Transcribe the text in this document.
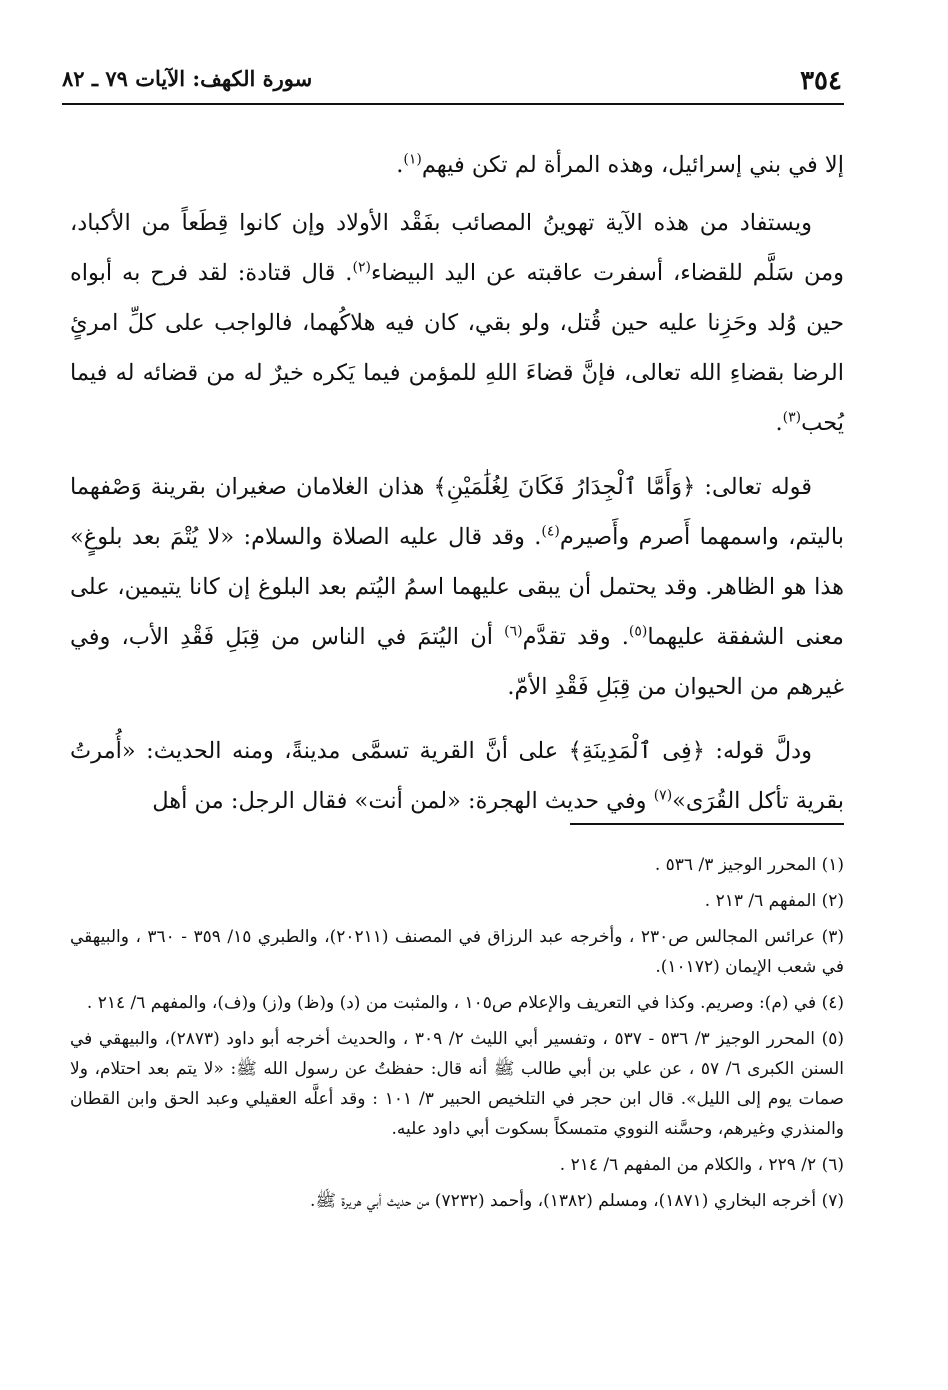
٣٥٤
سورة الكهف: الآيات ٧٩ ـ ٨٢

إلا في بني إسرائيل، وهذه المرأة لم تكن فيهم$^{(١)}$.

ويستفاد من هذه الآية تهوينُ المصائب بفَقْد الأولاد وإن كانوا قِطَعاً من الأكباد، ومن سَلَّم للقضاء، أسفرت عاقبته عن اليد البيضاء$^{(٢)}$. قال قتادة: لقد فرح به أبواه حين وُلد وحَزِنا عليه حين قُتل، ولو بقي، كان فيه هلاكُهما، فالواجب على كلِّ امرئٍ الرضا بقضاءِ الله تعالى، فإنَّ قضاءَ اللهِ للمؤمن فيما يَكره خيرٌ له من قضائه له فيما يُحب$^{(٣)}$.

قوله تعالى: ﴿وَأَمَّا ٱلْجِدَارُ فَكَانَ لِغُلَٰمَيْنِ﴾ هذان الغلامان صغيران بقرينة وَصْفهما باليتم، واسمهما أَصرم وأَصيرم$^{(٤)}$. وقد قال عليه الصلاة والسلام: «لا يُتْمَ بعد بلوغٍ» هذا هو الظاهر. وقد يحتمل أن يبقى عليهما اسمُ اليُتم بعد البلوغ إن كانا يتيمين، على معنى الشفقة عليهما$^{(٥)}$. وقد تقدَّم$^{(٦)}$ أن اليُتمَ في الناس من قِبَلِ فَقْدِ الأب، وفي غيرهم من الحيوان من قِبَلِ فَقْدِ الأمّ.

ودلَّ قوله: ﴿فِى ٱلْمَدِينَةِ﴾ على أنَّ القرية تسمَّى مدينةً، ومنه الحديث: «أُمرتُ بقرية تأكل القُرَى»$^{(٧)}$ وفي حديث الهجرة: «لمن أنت» فقال الرجل: من أهل

(١) المحرر الوجيز ٣/ ٥٣٦ .

(٢) المفهم ٦/ ٢١٣ .

(٣) عرائس المجالس ص٢٣٠ ، وأخرجه عبد الرزاق في المصنف (٢٠٢١١)، والطبري ١٥/ ٣٥٩ - ٣٦٠ ، والبيهقي في شعب الإيمان (١٠١٧٢).

(٤) في (م): وصريم. وكذا في التعريف والإعلام ص١٠٥ ، والمثبت من (د) و(ظ) و(ز) و(ف)، والمفهم ٦/ ٢١٤ .

(٥) المحرر الوجيز ٣/ ٥٣٦ - ٥٣٧ ، وتفسير أبي الليث ٢/ ٣٠٩ ، والحديث أخرجه أبو داود (٢٨٧٣)، والبيهقي في السنن الكبرى ٦/ ٥٧ ، عن علي بن أبي طالب ﷺ أنه قال: حفظتُ عن رسول الله ﷺ: «لا يتم بعد احتلام، ولا صمات يوم إلى الليل». قال ابن حجر في التلخيص الحبير ٣/ ١٠١ : وقد أعلَّه العقيلي وعبد الحق وابن القطان والمنذري وغيرهم، وحسَّنه النووي متمسكاً بسكوت أبي داود عليه.

(٦) ٢/ ٢٢٩ ، والكلام من المفهم ٦/ ٢١٤ .

(٧) أخرجه البخاري (١٨٧١)، ومسلم (١٣٨٢)، وأحمد (٧٢٣٢) من حديث أبي هريرة ﷺ.
